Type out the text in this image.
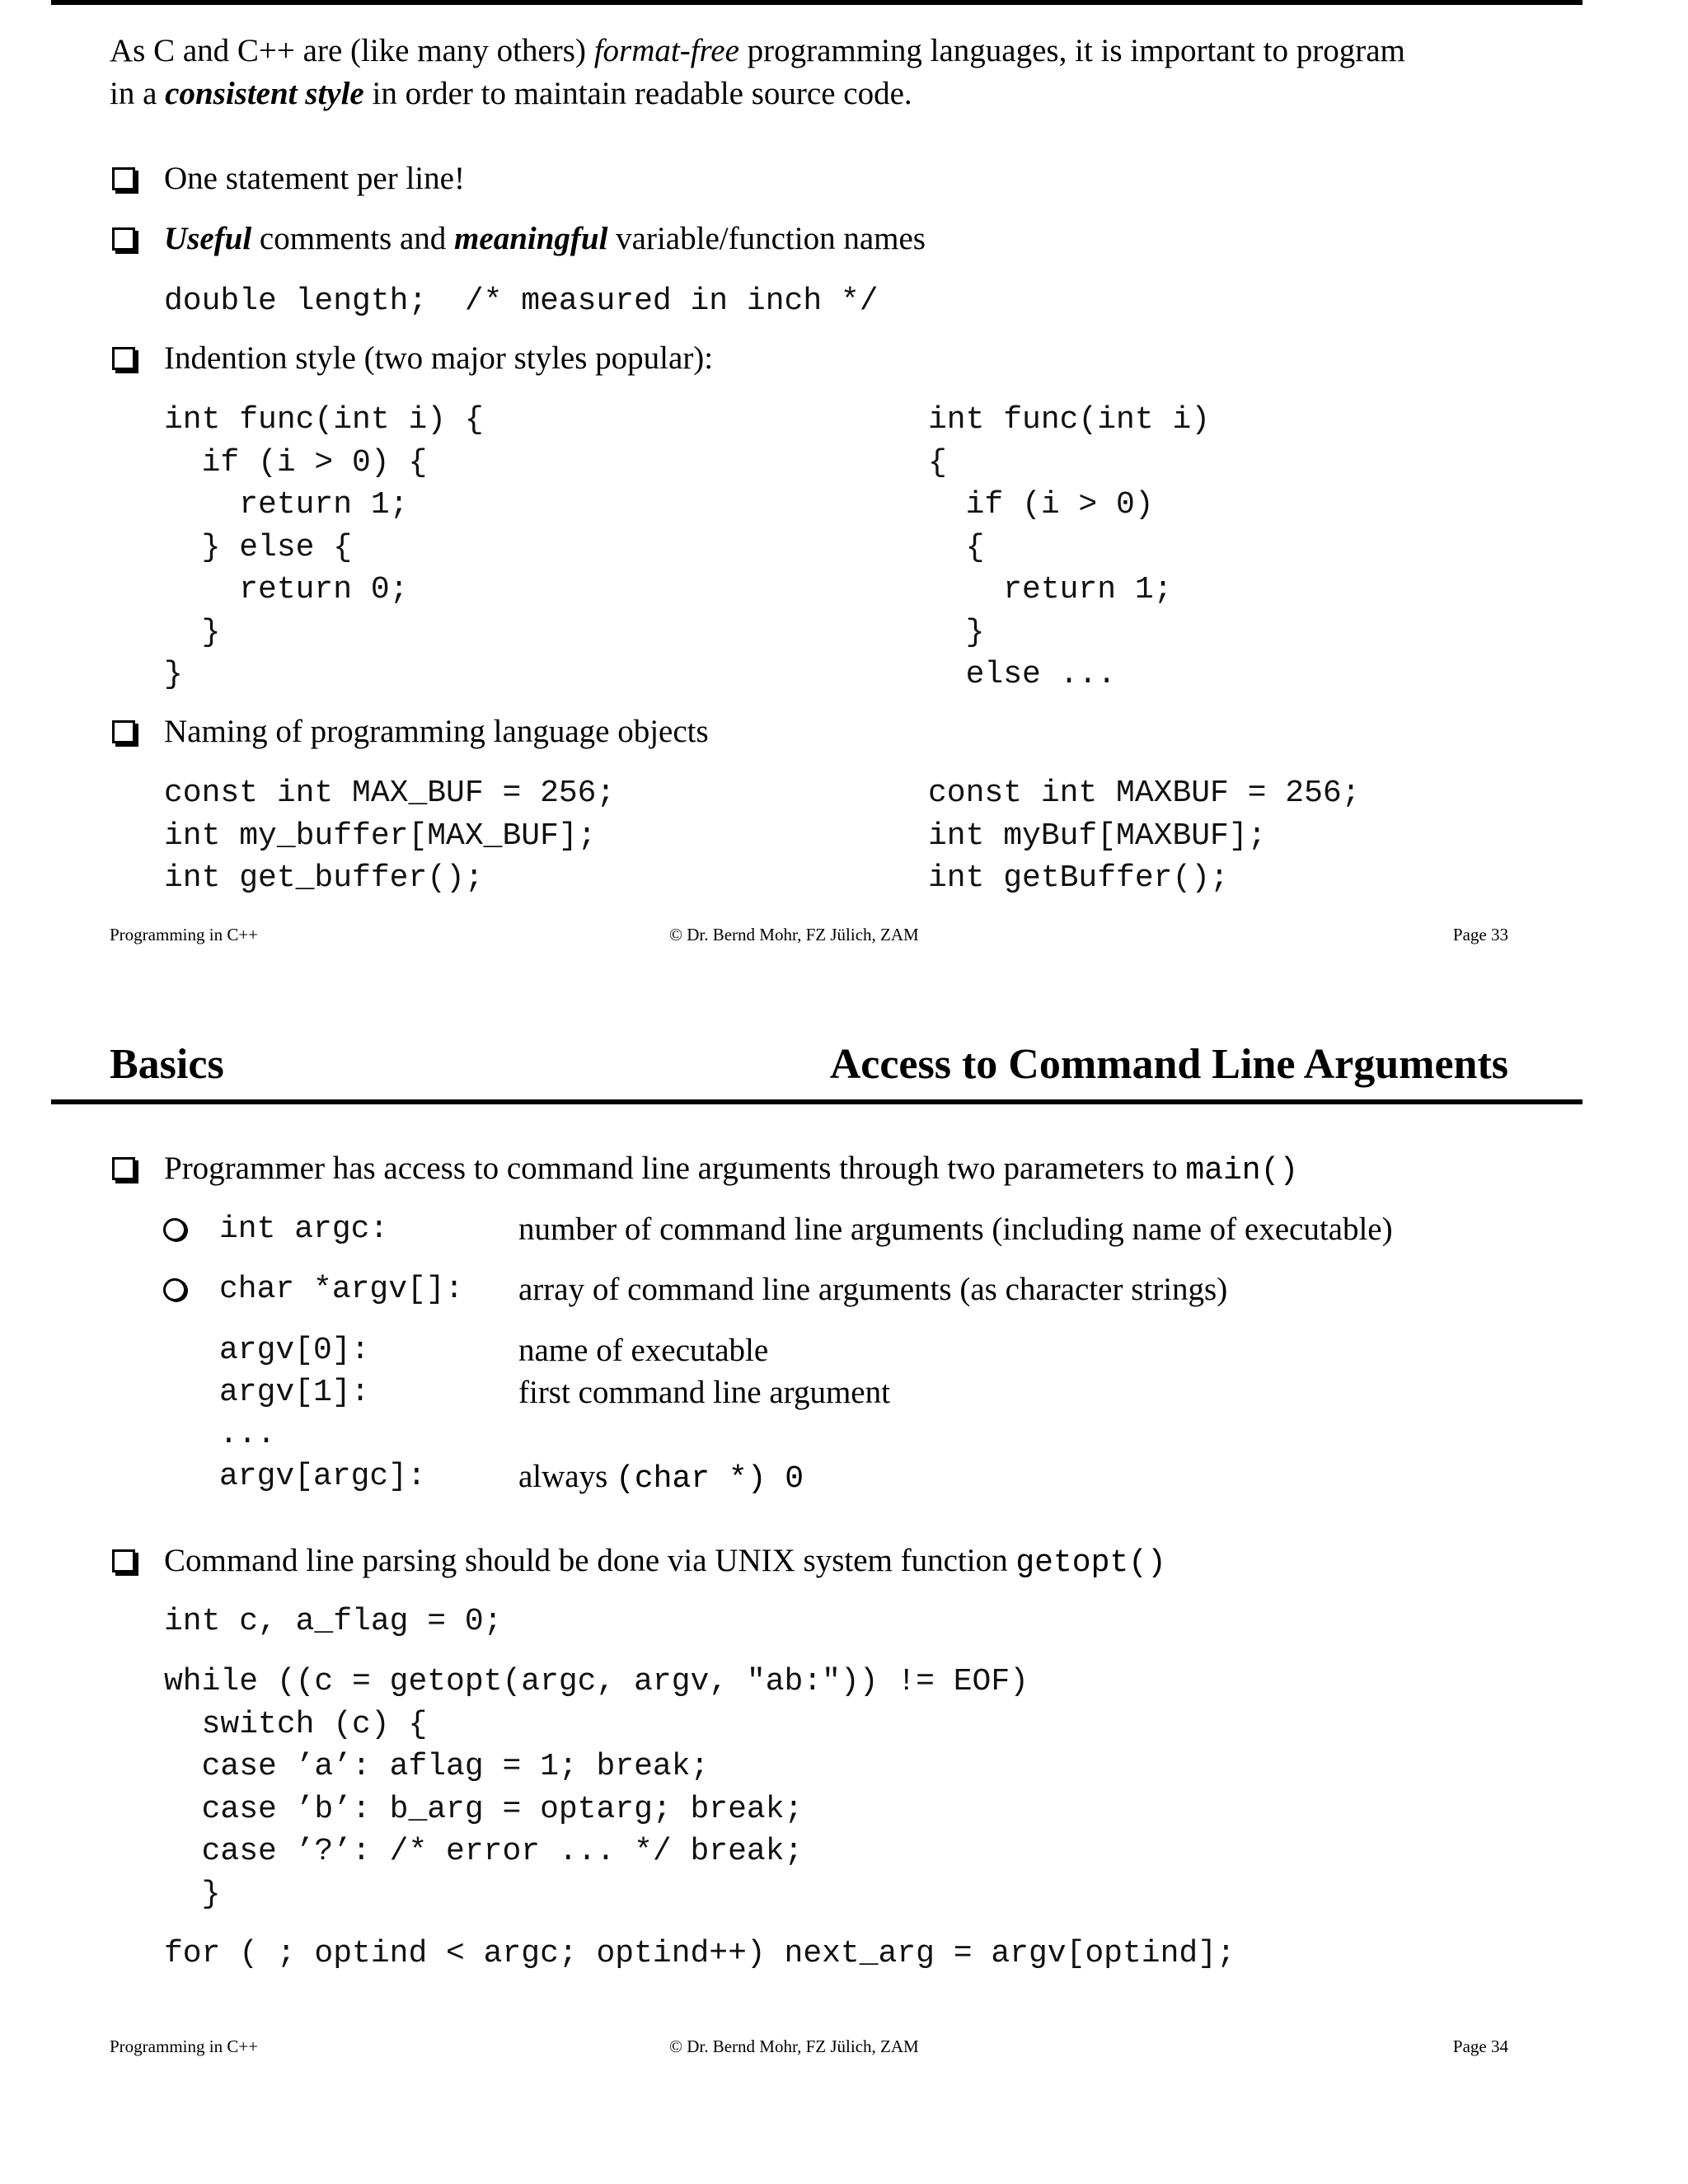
As C and C++ are (like many others) format-free programming languages, it is important to program
in a consistent style in order to maintain readable source code.
One statement per line!
Useful comments and meaningful variable/function names
double length;  /* measured in inch */
Indention style (two major styles popular):
int func(int i) {
if (i > 0) {
return 1;
} else {
return 0;
}
}
int func(int i)
{
if (i > 0)
{
return 1;
}
else ...
Naming of programming language objects
const int MAX_BUF = 256;
int my_buffer[MAX_BUF];
int get_buffer();
const int MAXBUF = 256;
int myBuf[MAXBUF];
int getBuffer();
Programming in C++	© Dr. Bernd Mohr, FZ Jülich, ZAM	Page 33
Basics	Access to Command Line Arguments
Programmer has access to command line arguments through two parameters to main()
int argc:	number of command line arguments (including name of executable)
char *argv[]: array of command line arguments (as character strings)
argv[0]:	name of executable
argv[1]:	first command line argument
...
argv[argc]:	always (char *) 0
Command line parsing should be done via UNIX system function getopt()
int c, a_flag = 0;
while ((c = getopt(argc, argv, "ab:")) != EOF)
switch (c) {
case ’a’: aflag = 1; break;
case ’b’: b_arg = optarg; break;
case ’?’: /* error ... */ break;
}
for ( ; optind < argc; optind++) next_arg = argv[optind];
Programming in C++	© Dr. Bernd Mohr, FZ Jülich, ZAM	Page 34
